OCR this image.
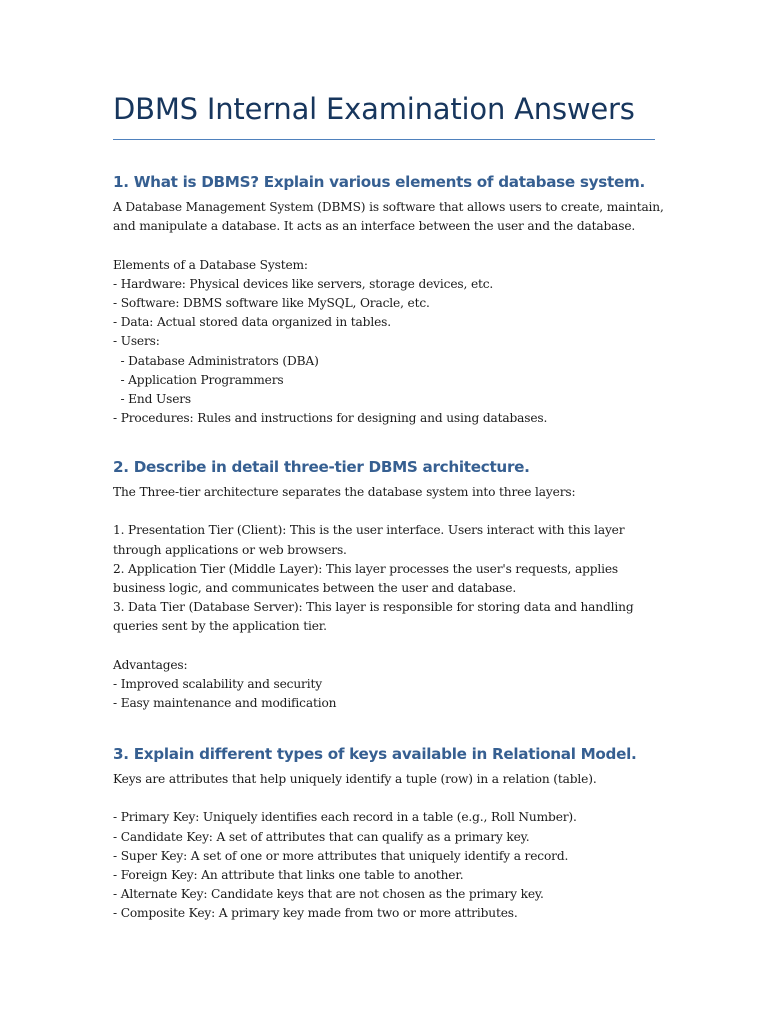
DBMS Internal Examination Answers
1. What is DBMS? Explain various elements of database system.
A Database Management System (DBMS) is software that allows users to create, maintain,
and manipulate a database. It acts as an interface between the user and the database.
Elements of a Database System:
- Hardware: Physical devices like servers, storage devices, etc.
- Software: DBMS software like MySQL, Oracle, etc.
- Data: Actual stored data organized in tables.
- Users:
- Database Administrators (DBA)
- Application Programmers
- End Users
- Procedures: Rules and instructions for designing and using databases.
2. Describe in detail three-tier DBMS architecture.
The Three-tier architecture separates the database system into three layers:
1. Presentation Tier (Client): This is the user interface. Users interact with this layer
through applications or web browsers.
2. Application Tier (Middle Layer): This layer processes the user's requests, applies
business logic, and communicates between the user and database.
3. Data Tier (Database Server): This layer is responsible for storing data and handling
queries sent by the application tier.
Advantages:
- Improved scalability and security
- Easy maintenance and modification
3. Explain different types of keys available in Relational Model.
Keys are attributes that help uniquely identify a tuple (row) in a relation (table).
- Primary Key: Uniquely identifies each record in a table (e.g., Roll Number).
- Candidate Key: A set of attributes that can qualify as a primary key.
- Super Key: A set of one or more attributes that uniquely identify a record.
- Foreign Key: An attribute that links one table to another.
- Alternate Key: Candidate keys that are not chosen as the primary key.
- Composite Key: A primary key made from two or more attributes.
